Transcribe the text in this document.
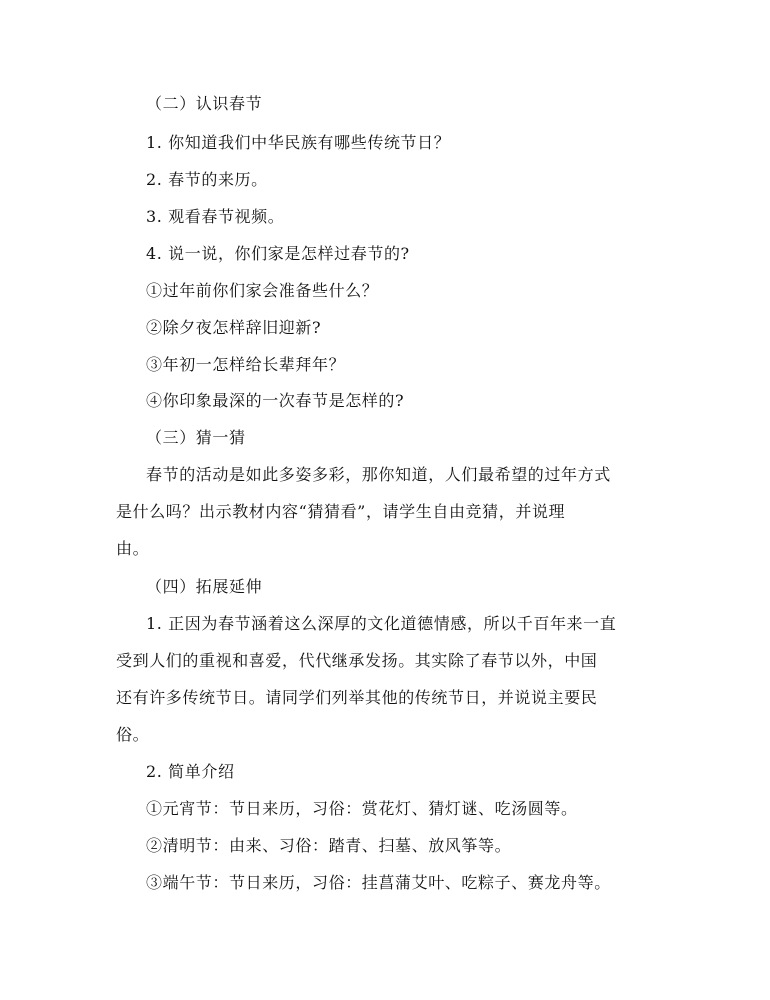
（二）认识春节
1. 你知道我们中华民族有哪些传统节日？
2. 春节的来历。
3. 观看春节视频。
4. 说一说，你们家是怎样过春节的?
①过年前你们家会准备些什么？
②除夕夜怎样辞旧迎新?
③年初一怎样给长辈拜年？
④你印象最深的一次春节是怎样的?
（三）猜一猜
春节的活动是如此多姿多彩，那你知道，人们最希望的过年方式
是什么吗？出示教材内容“猜猜看”，请学生自由竞猜，并说理
由。
（四）拓展延伸
1. 正因为春节涵着这么深厚的文化道德情感，所以千百年来一直
受到人们的重视和喜爱，代代继承发扬。其实除了春节以外，中国
还有许多传统节日。请同学们列举其他的传统节日，并说说主要民
俗。
2. 简单介绍
①元宵节：节日来历，习俗：赏花灯、猜灯谜、吃汤圆等。
②清明节：由来、习俗：踏青、扫墓、放风筝等。
③端午节：节日来历，习俗：挂菖蒲艾叶、吃粽子、赛龙舟等。
